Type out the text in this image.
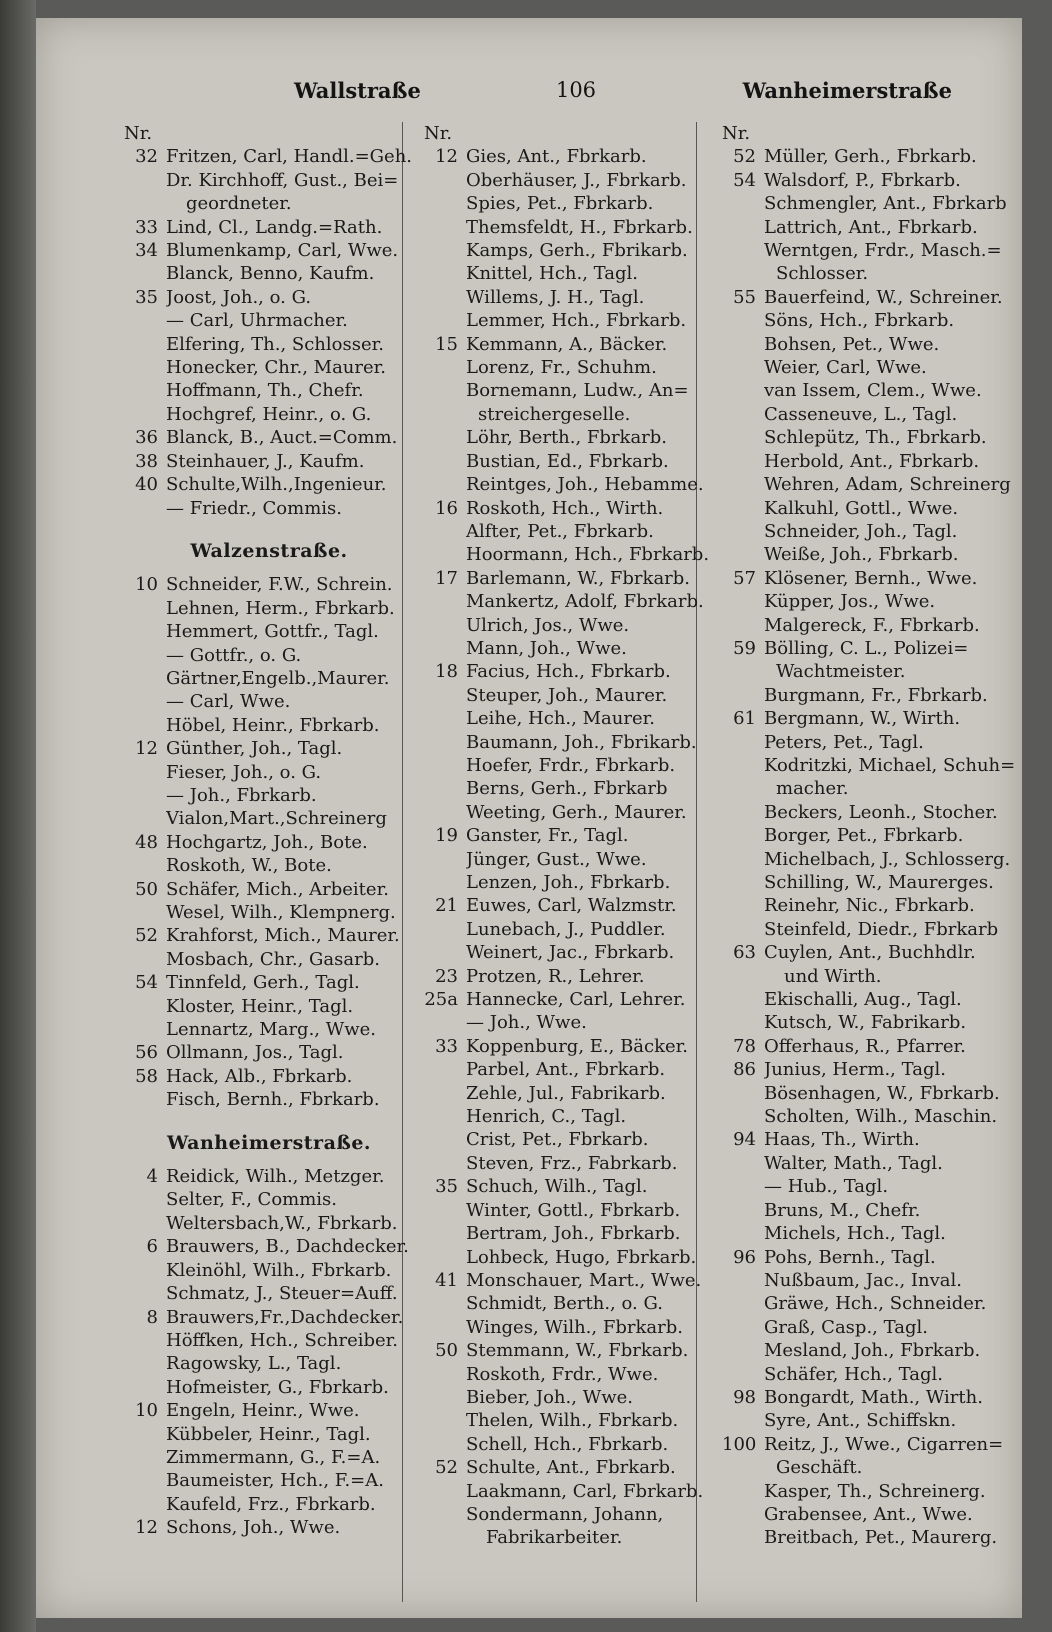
Wallstraße	106	Wanheimerstraße
Nr.
32 Fritzen, Carl, Handl.=Geh.
Dr. Kirchhoff, Gust., Bei=
geordneter.
33 Lind, Cl., Landg.=Rath.
34 Blumenkamp, Carl, Wwe.
Blanck, Benno, Kaufm.
35 Joost, Joh., o. G.
— Carl, Uhrmacher.
Elfering, Th., Schlosser.
Honecker, Chr., Maurer.
Hoffmann, Th., Chefr.
Hochgref, Heinr., o. G.
36 Blanck, B., Auct.=Comm.
38 Steinhauer, J., Kaufm.
40 Schulte,Wilh.,Ingenieur.
— Friedr., Commis.
Walzenstraße.
10 Schneider, F.W., Schrein.
Lehnen, Herm., Fbrkarb.
Hemmert, Gottfr., Tagl.
— Gottfr., o. G.
Gärtner,Engelb.,Maurer.
— Carl, Wwe.
Höbel, Heinr., Fbrkarb.
12 Günther, Joh., Tagl.
Fieser, Joh., o. G.
— Joh., Fbrkarb.
Vialon,Mart.,Schreinerg
48 Hochgartz, Joh., Bote.
Roskoth, W., Bote.
50 Schäfer, Mich., Arbeiter.
Wesel, Wilh., Klempnerg.
52 Krahforst, Mich., Maurer.
Mosbach, Chr., Gasarb.
54 Tinnfeld, Gerh., Tagl.
Kloster, Heinr., Tagl.
Lennartz, Marg., Wwe.
56 Ollmann, Jos., Tagl.
58 Hack, Alb., Fbrkarb.
Fisch, Bernh., Fbrkarb.
Wanheimerstraße.
4 Reidick, Wilh., Metzger.
Selter, F., Commis.
Weltersbach,W., Fbrkarb.
6 Brauwers, B., Dachdecker.
Kleinöhl, Wilh., Fbrkarb.
Schmatz, J., Steuer=Auff.
8 Brauwers,Fr.,Dachdecker.
Höffken, Hch., Schreiber.
Ragowsky, L., Tagl.
Hofmeister, G., Fbrkarb.
10 Engeln, Heinr., Wwe.
Kübbeler, Heinr., Tagl.
Zimmermann, G., F.=A.
Baumeister, Hch., F.=A.
Kaufeld, Frz., Fbrkarb.
12 Schons, Joh., Wwe.
Nr.
12 Gies, Ant., Fbrkarb.
Oberhäuser, J., Fbrkarb.
Spies, Pet., Fbrkarb.
Themsfeldt, H., Fbrkarb.
Kamps, Gerh., Fbrikarb.
Knittel, Hch., Tagl.
Willems, J. H., Tagl.
Lemmer, Hch., Fbrkarb.
15 Kemmann, A., Bäcker.
Lorenz, Fr., Schuhm.
Bornemann, Ludw., An=
streichergeselle.
Löhr, Berth., Fbrkarb.
Bustian, Ed., Fbrkarb.
Reintges, Joh., Hebamme.
16 Roskoth, Hch., Wirth.
Alfter, Pet., Fbrkarb.
Hoormann, Hch., Fbrkarb.
17 Barlemann, W., Fbrkarb.
Mankertz, Adolf, Fbrkarb.
Ulrich, Jos., Wwe.
Mann, Joh., Wwe.
18 Facius, Hch., Fbrkarb.
Steuper, Joh., Maurer.
Leihe, Hch., Maurer.
Baumann, Joh., Fbrikarb.
Hoefer, Frdr., Fbrkarb.
Berns, Gerh., Fbrkarb
Weeting, Gerh., Maurer.
19 Ganster, Fr., Tagl.
Jünger, Gust., Wwe.
Lenzen, Joh., Fbrkarb.
21 Euwes, Carl, Walzmstr.
Lunebach, J., Puddler.
Weinert, Jac., Fbrkarb.
23 Protzen, R., Lehrer.
25a Hannecke, Carl, Lehrer.
— Joh., Wwe.
33 Koppenburg, E., Bäcker.
Parbel, Ant., Fbrkarb.
Zehle, Jul., Fabrikarb.
Henrich, C., Tagl.
Crist, Pet., Fbrkarb.
Steven, Frz., Fabrkarb.
35 Schuch, Wilh., Tagl.
Winter, Gottl., Fbrkarb.
Bertram, Joh., Fbrkarb.
Lohbeck, Hugo, Fbrkarb.
41 Monschauer, Mart., Wwe.
Schmidt, Berth., o. G.
Winges, Wilh., Fbrkarb.
50 Stemmann, W., Fbrkarb.
Roskoth, Frdr., Wwe.
Bieber, Joh., Wwe.
Thelen, Wilh., Fbrkarb.
Schell, Hch., Fbrkarb.
52 Schulte, Ant., Fbrkarb.
Laakmann, Carl, Fbrkarb.
Sondermann, Johann,
Fabrikarbeiter.
Nr.
52 Müller, Gerh., Fbrkarb.
54 Walsdorf, P., Fbrkarb.
Schmengler, Ant., Fbrkarb
Lattrich, Ant., Fbrkarb.
Werntgen, Frdr., Masch.=
Schlosser.
55 Bauerfeind, W., Schreiner.
Söns, Hch., Fbrkarb.
Bohsen, Pet., Wwe.
Weier, Carl, Wwe.
van Issem, Clem., Wwe.
Casseneuve, L., Tagl.
Schlepütz, Th., Fbrkarb.
Herbold, Ant., Fbrkarb.
Wehren, Adam, Schreinerg
Kalkuhl, Gottl., Wwe.
Schneider, Joh., Tagl.
Weiße, Joh., Fbrkarb.
57 Klösener, Bernh., Wwe.
Küpper, Jos., Wwe.
Malgereck, F., Fbrkarb.
59 Bölling, C. L., Polizei=
Wachtmeister.
Burgmann, Fr., Fbrkarb.
61 Bergmann, W., Wirth.
Peters, Pet., Tagl.
Kodritzki, Michael, Schuh=
macher.
Beckers, Leonh., Stocher.
Borger, Pet., Fbrkarb.
Michelbach, J., Schlosserg.
Schilling, W., Maurerges.
Reinehr, Nic., Fbrkarb.
Steinfeld, Diedr., Fbrkarb
63 Cuylen, Ant., Buchhdlr.
und Wirth.
Ekischalli, Aug., Tagl.
Kutsch, W., Fabrikarb.
78 Offerhaus, R., Pfarrer.
86 Junius, Herm., Tagl.
Bösenhagen, W., Fbrkarb.
Scholten, Wilh., Maschin.
94 Haas, Th., Wirth.
Walter, Math., Tagl.
— Hub., Tagl.
Bruns, M., Chefr.
Michels, Hch., Tagl.
96 Pohs, Bernh., Tagl.
Nußbaum, Jac., Inval.
Gräwe, Hch., Schneider.
Graß, Casp., Tagl.
Mesland, Joh., Fbrkarb.
Schäfer, Hch., Tagl.
98 Bongardt, Math., Wirth.
Syre, Ant., Schiffskn.
100 Reitz, J., Wwe., Cigarren=
Geschäft.
Kasper, Th., Schreinerg.
Grabensee, Ant., Wwe.
Breitbach, Pet., Maurerg.
